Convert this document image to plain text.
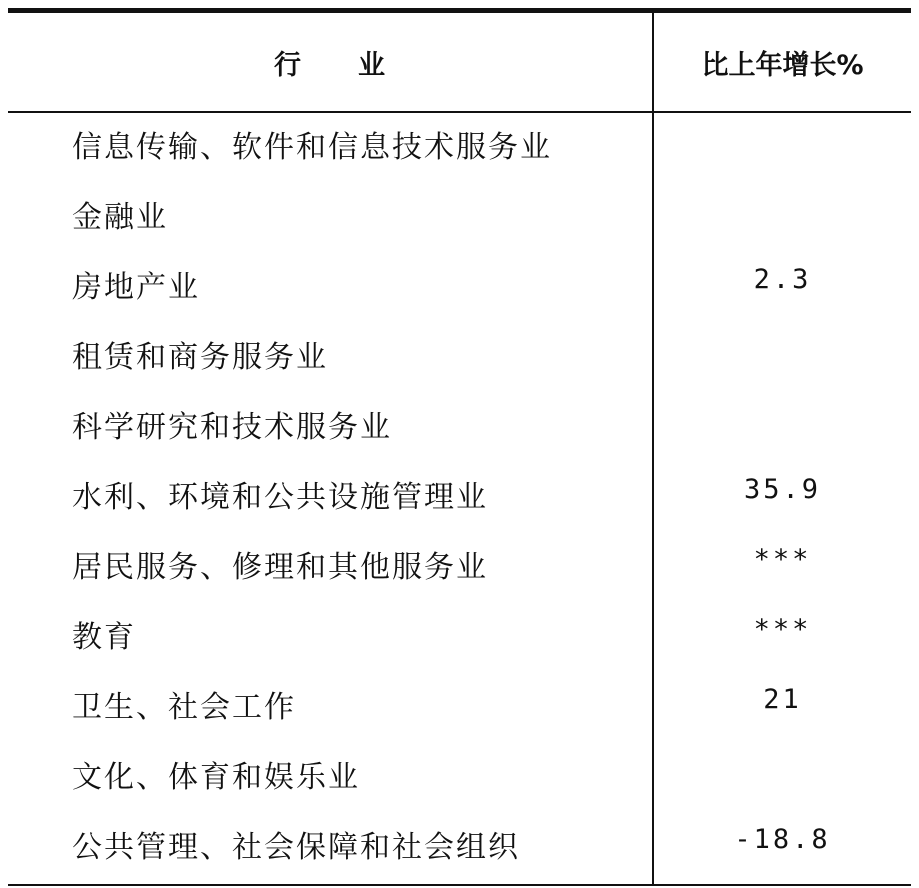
行　　业	比上年增长%
信息传输、软件和信息技术服务业
金融业
房地产业	2.3
租赁和商务服务业
科学研究和技术服务业
水利、环境和公共设施管理业	35.9
居民服务、修理和其他服务业	***
教育	***
卫生、社会工作	21
文化、体育和娱乐业
公共管理、社会保障和社会组织	-18.8
